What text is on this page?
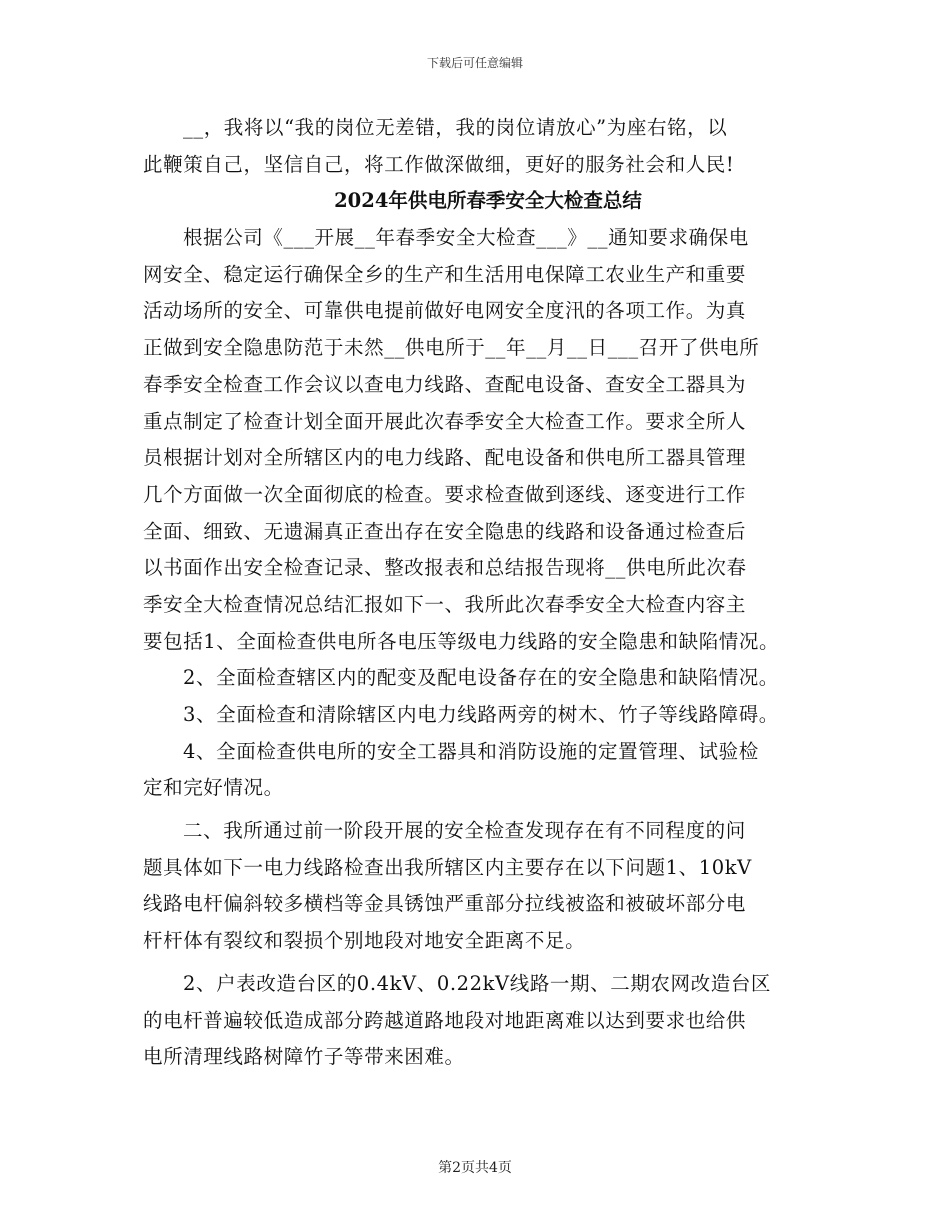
下载后可任意编辑
__，我将以“我的岗位无差错，我的岗位请放心”为座右铭，以
此鞭策自己，坚信自己，将工作做深做细，更好的服务社会和人民!
2024年供电所春季安全大检查总结
根据公司《___开展__年春季安全大检查___》__通知要求确保电
网安全、稳定运行确保全乡的生产和生活用电保障工农业生产和重要
活动场所的安全、可靠供电提前做好电网安全度汛的各项工作。为真
正做到安全隐患防范于未然__供电所于__年__月__日___召开了供电所
春季安全检查工作会议以查电力线路、查配电设备、查安全工器具为
重点制定了检查计划全面开展此次春季安全大检查工作。要求全所人
员根据计划对全所辖区内的电力线路、配电设备和供电所工器具管理
几个方面做一次全面彻底的检查。要求检查做到逐线、逐变进行工作
全面、细致、无遗漏真正查出存在安全隐患的线路和设备通过检查后
以书面作出安全检查记录、整改报表和总结报告现将__供电所此次春
季安全大检查情况总结汇报如下一、我所此次春季安全大检查内容主
要包括1、全面检查供电所各电压等级电力线路的安全隐患和缺陷情况。
2、全面检查辖区内的配变及配电设备存在的安全隐患和缺陷情况。
3、全面检查和清除辖区内电力线路两旁的树木、竹子等线路障碍。
4、全面检查供电所的安全工器具和消防设施的定置管理、试验检
定和完好情况。
二、我所通过前一阶段开展的安全检查发现存在有不同程度的问
题具体如下一电力线路检查出我所辖区内主要存在以下问题1、10kV
线路电杆偏斜较多横档等金具锈蚀严重部分拉线被盗和被破坏部分电
杆杆体有裂纹和裂损个别地段对地安全距离不足。
2、户表改造台区的0.4kV、0.22kV线路一期、二期农网改造台区
的电杆普遍较低造成部分跨越道路地段对地距离难以达到要求也给供
电所清理线路树障竹子等带来困难。
第2页共4页
